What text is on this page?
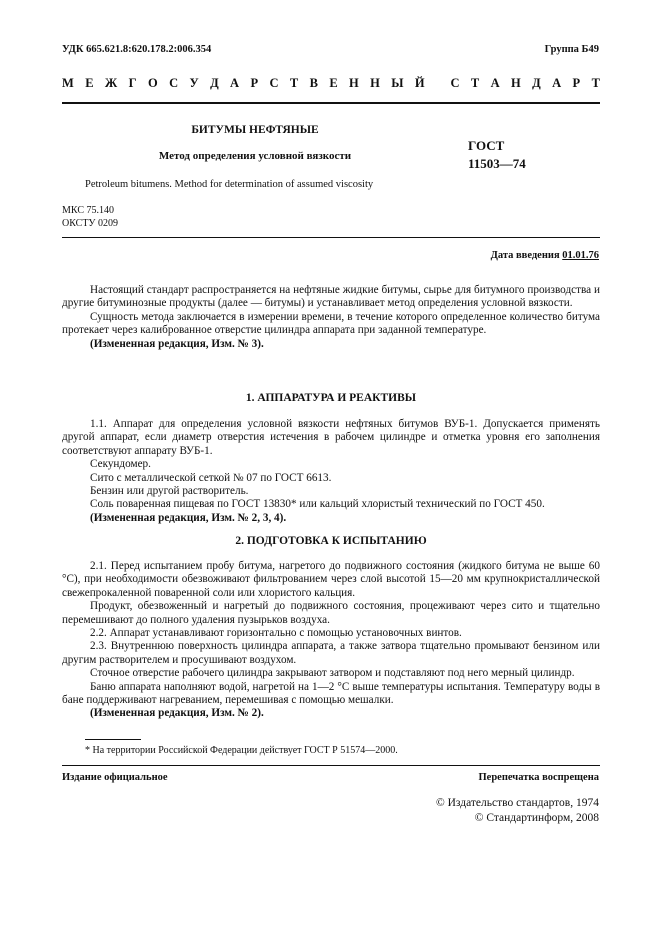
УДК 665.621.8:620.178.2:006.354	Группа Б49
М Е Ж Г О С У Д А Р С Т В Е Н Н Ы Й
С Т А Н Д А Р Т
БИТУМЫ НЕФТЯНЫЕ
Метод определения условной вязкости
ГОСТ
11503—74
Petroleum bitumens. Method for determination of assumed viscosity
МКС 75.140
ОКСТУ 0209
Дата введения 01.01.76

Настоящий стандарт распространяется на нефтяные жидкие битумы, сырье для битумного производства и другие битуминозные продукты (далее — битумы) и устанавливает метод определения условной вязкости.

Сущность метода заключается в измерении времени, в течение которого определенное количество битума протекает через калиброванное отверстие цилиндра аппарата при заданной температуре.

(Измененная редакция, Изм. № 3).

1. АППАРАТУРА И РЕАКТИВЫ

1.1. Аппарат для определения условной вязкости нефтяных битумов ВУБ-1. Допускается применять другой аппарат, если диаметр отверстия истечения в рабочем цилиндре и отметка уровня его заполнения соответствуют аппарату ВУБ-1.

Секундомер.

Сито с металлической сеткой № 07 по ГОСТ 6613.

Бензин или другой растворитель.

Соль поваренная пищевая по ГОСТ 13830* или кальций хлористый технический по ГОСТ 450.

(Измененная редакция, Изм. № 2, 3, 4).

2. ПОДГОТОВКА К ИСПЫТАНИЮ

2.1. Перед испытанием пробу битума, нагретого до подвижного состояния (жидкого битума не выше 60 °С), при необходимости обезвоживают фильтрованием через слой высотой 15—20 мм крупнокристаллической свежепрокаленной поваренной соли или хлористого кальция.

Продукт, обезвоженный и нагретый до подвижного состояния, процеживают через сито и тщательно перемешивают до полного удаления пузырьков воздуха.

2.2. Аппарат устанавливают горизонтально с помощью установочных винтов.

2.3. Внутреннюю поверхность цилиндра аппарата, а также затвора тщательно промывают бензином или другим растворителем и просушивают воздухом.

Сточное отверстие рабочего цилиндра закрывают затвором и подставляют под него мерный цилиндр.

Баню аппарата наполняют водой, нагретой на 1—2 °С выше температуры испытания. Температуру воды в бане поддерживают нагреванием, перемешивая с помощью мешалки.

(Измененная редакция, Изм. № 2).

* На территории Российской Федерации действует ГОСТ Р 51574—2000.
Издание официальное	Перепечатка воспрещена
© Издательство стандартов, 1974
© Стандартинформ, 2008
